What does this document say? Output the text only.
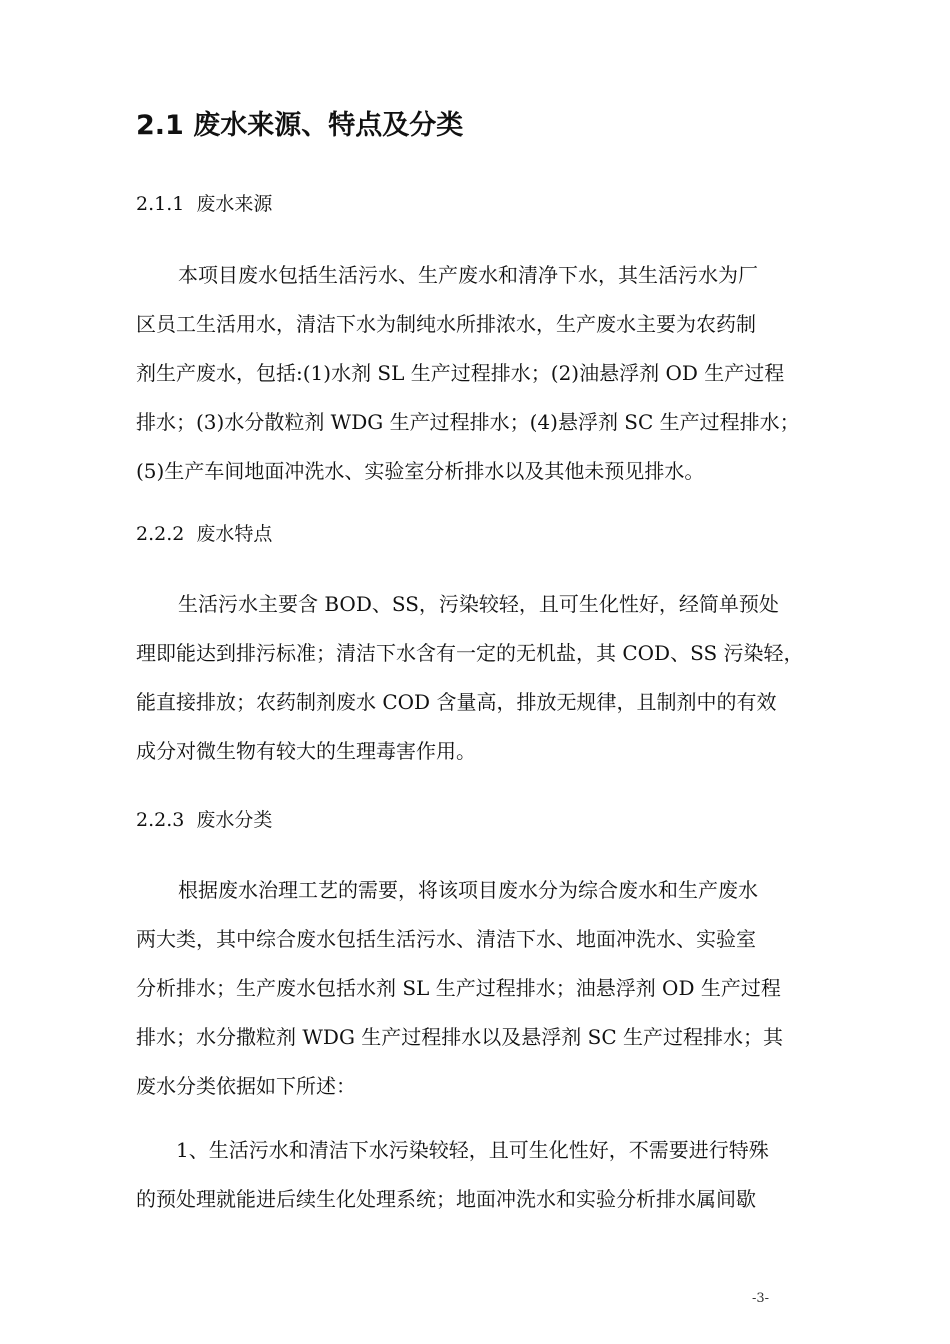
2.1 废水来源、特点及分类
2.1.1 废水来源
本项目废水包括生活污水、生产废水和清净下水，其生活污水为厂
区员工生活用水，清洁下水为制纯水所排浓水，生产废水主要为农药制
剂生产废水，包括:(1)水剂 SL 生产过程排水；(2)油悬浮剂 OD 生产过程
排水；(3)水分散粒剂 WDG 生产过程排水；(4)悬浮剂 SC 生产过程排水；
(5)生产车间地面冲洗水、实验室分析排水以及其他未预见排水。
2.2.2 废水特点
生活污水主要含 BOD、SS，污染较轻，且可生化性好，经简单预处
理即能达到排污标准；清洁下水含有一定的无机盐，其 COD、SS 污染轻，
能直接排放；农药制剂废水 COD 含量高，排放无规律，且制剂中的有效
成分对微生物有较大的生理毒害作用。
2.2.3 废水分类
根据废水治理工艺的需要，将该项目废水分为综合废水和生产废水
两大类，其中综合废水包括生活污水、清洁下水、地面冲洗水、实验室
分析排水；生产废水包括水剂 SL 生产过程排水；油悬浮剂 OD 生产过程
排水；水分撒粒剂 WDG 生产过程排水以及悬浮剂 SC 生产过程排水；其
废水分类依据如下所述：
1、生活污水和清洁下水污染较轻，且可生化性好，不需要进行特殊
的预处理就能进后续生化处理系统；地面冲洗水和实验分析排水属间歇
-3-
